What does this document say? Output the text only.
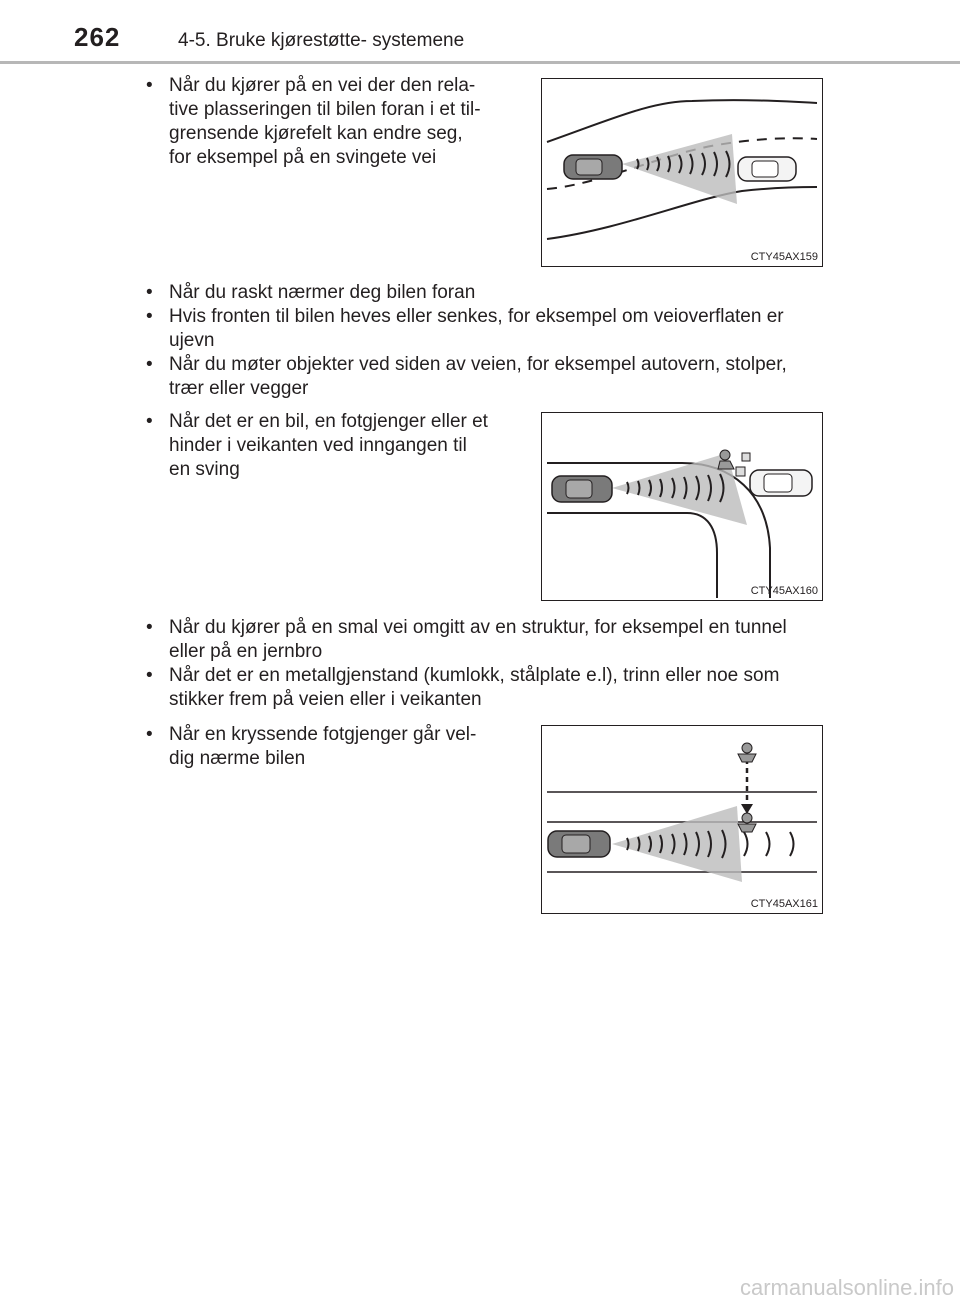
262	4-5. Bruke kjørestøtte- systemene
• Når du kjører på en vei der den rela-
tive plasseringen til bilen foran i et til-
grensende kjørefelt kan endre seg,
for eksempel på en svingete vei
CTY45AX159
• Når du raskt nærmer deg bilen foran
• Hvis fronten til bilen heves eller senkes, for eksempel om veioverflaten er
ujevn
• Når du møter objekter ved siden av veien, for eksempel autovern, stolper,
trær eller vegger
• Når det er en bil, en fotgjenger eller et
hinder i veikanten ved inngangen til
en sving
CTY45AX160
• Når du kjører på en smal vei omgitt av en struktur, for eksempel en tunnel
eller på en jernbro
• Når det er en metallgjenstand (kumlokk, stålplate e.l), trinn eller noe som
stikker frem på veien eller i veikanten
• Når en kryssende fotgjenger går vel-
dig nærme bilen
CTY45AX161
carmanualsonline.info
